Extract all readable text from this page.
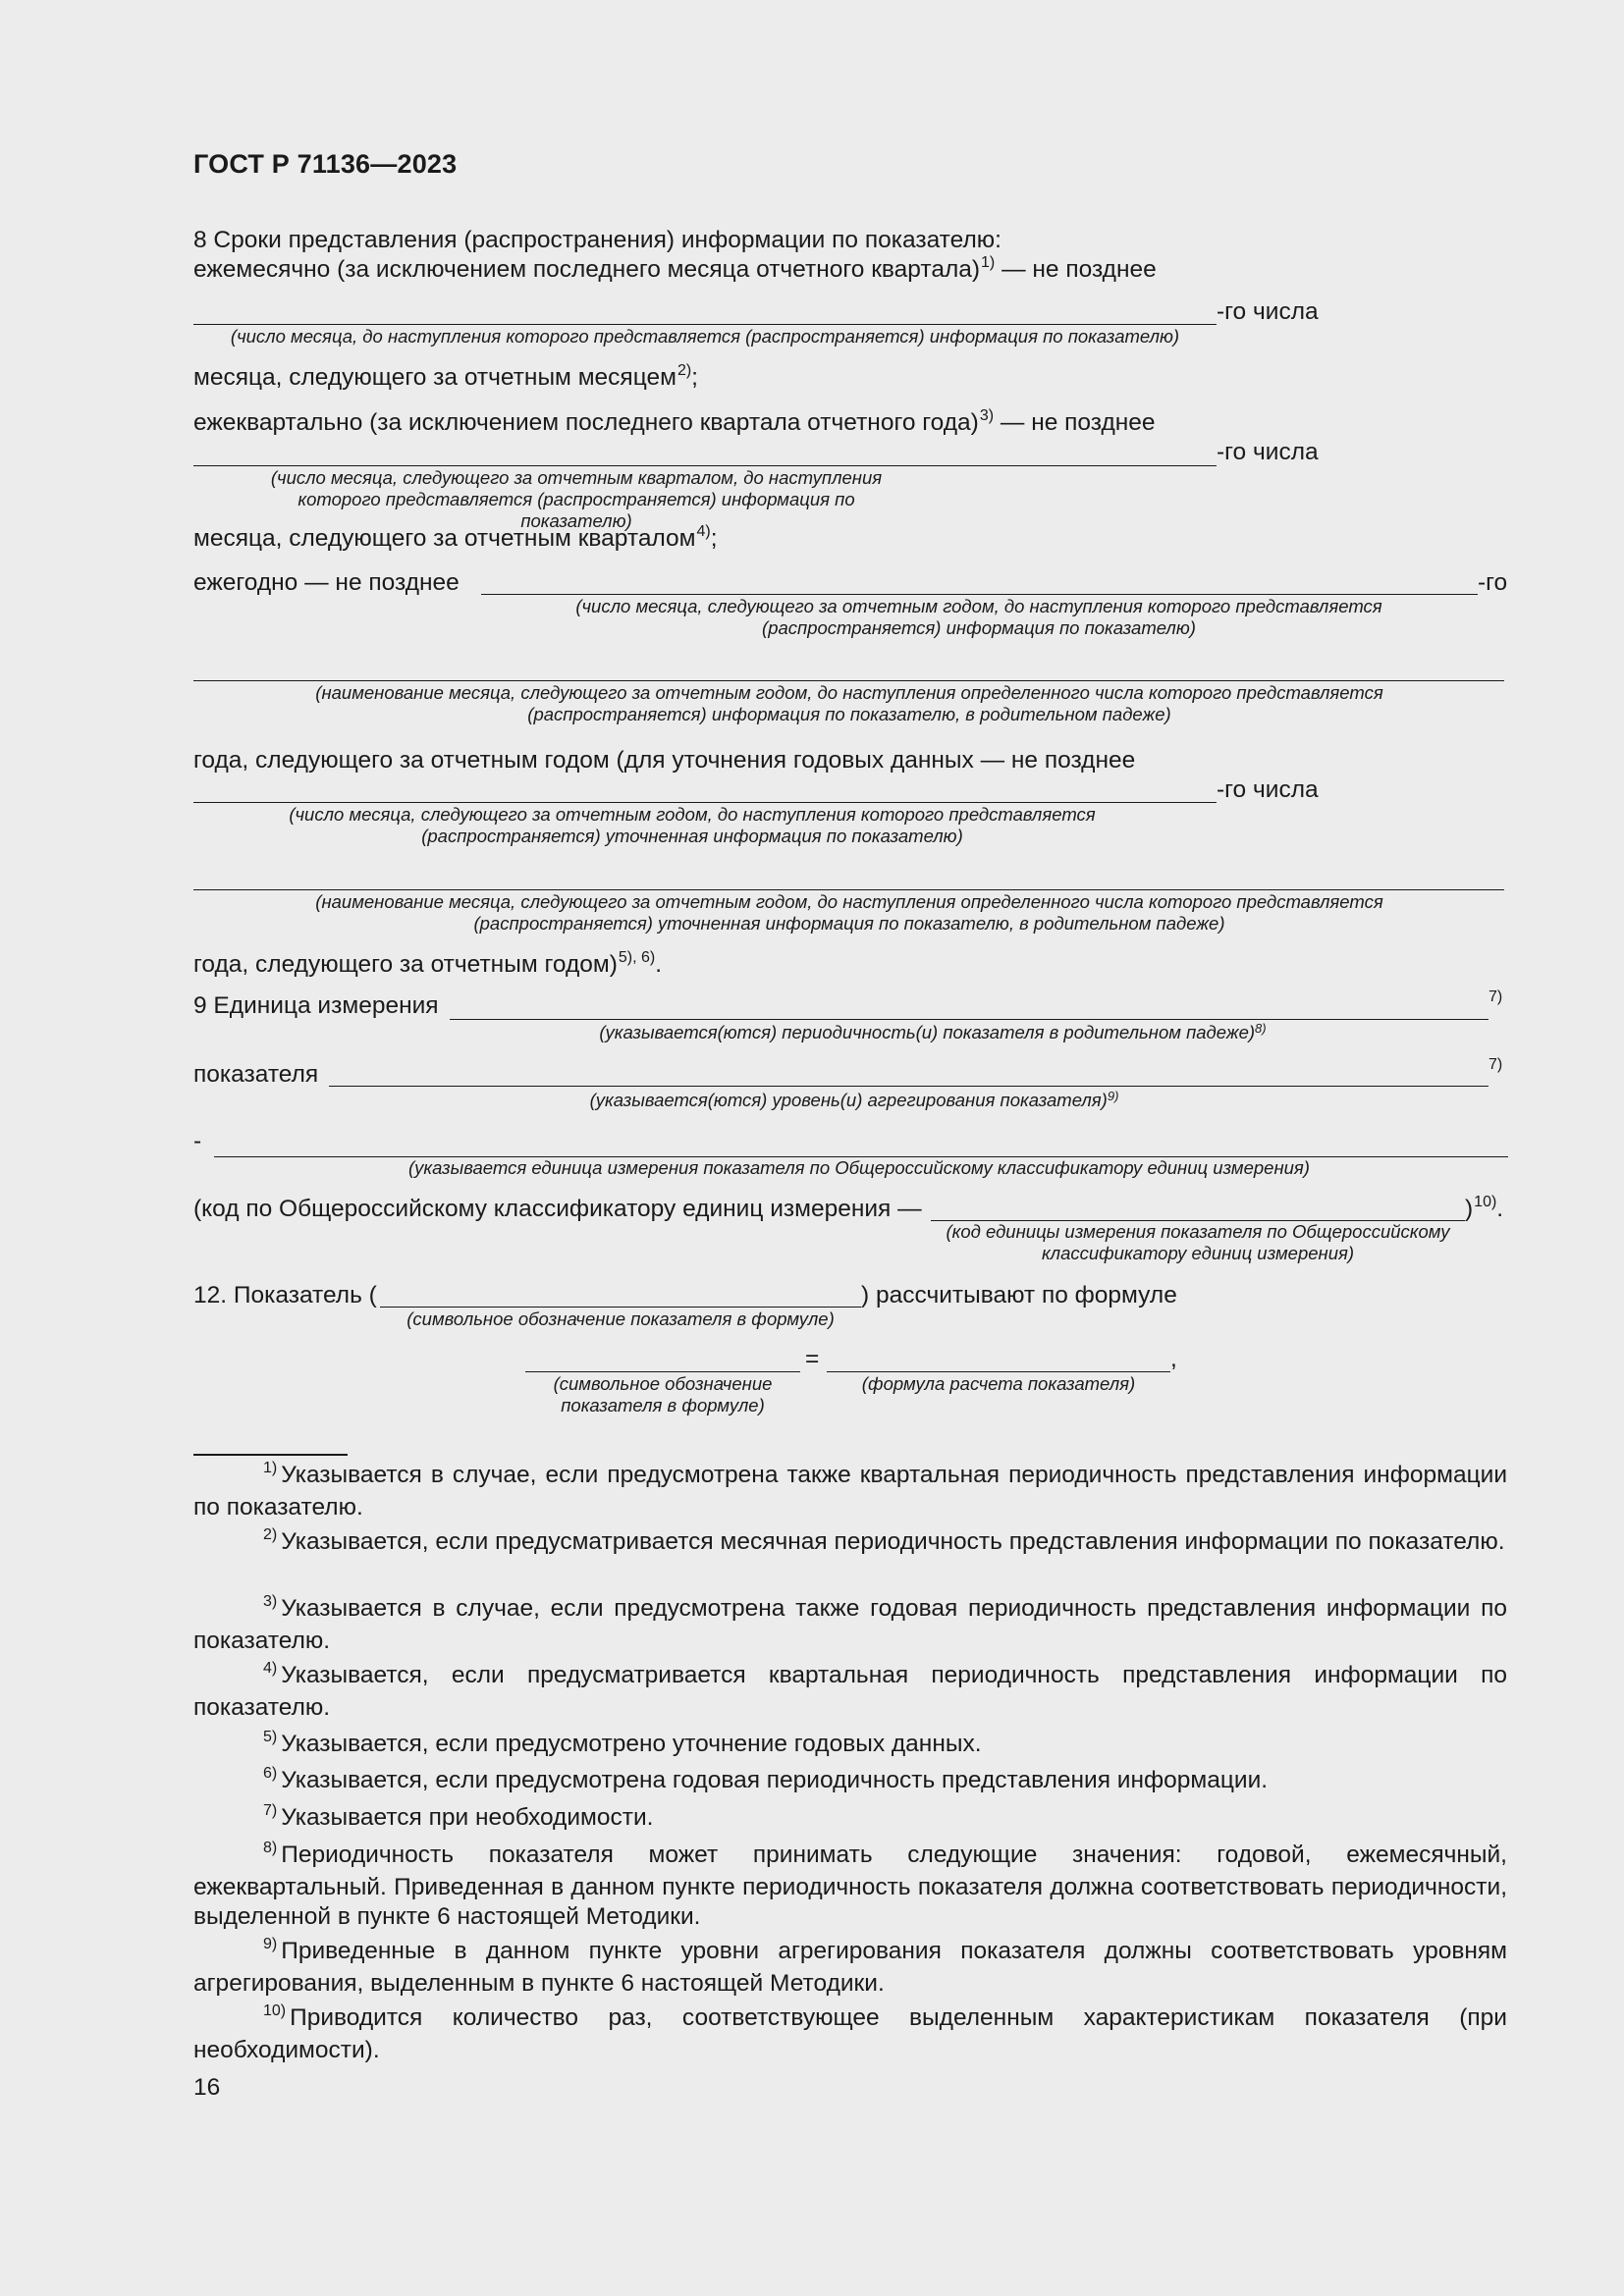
ГОСТ Р 71136—2023
8 Сроки представления (распространения) информации по показателю:
ежемесячно (за исключением последнего месяца отчетного квартала)$^{1)}$ — не позднее
-го числа
(число месяца, до наступления которого представляется (распространяется) информация по показателю)
месяца, следующего за отчетным месяцем$^{2)}$;
ежеквартально (за исключением последнего квартала отчетного года)$^{3)}$ — не позднее
-го числа
(число месяца, следующего за отчетным кварталом, до наступления которого представляется (распространяется) информация по показателю)
месяца, следующего за отчетным кварталом$^{4)}$;
ежегодно — не позднее	-го
(число месяца, следующего за отчетным годом, до наступления которого представляется (распространяется) информация по показателю)
(наименование месяца, следующего за отчетным годом, до наступления определенного числа которого представляется (распространяется) информация по показателю, в родительном падеже)
года, следующего за отчетным годом (для уточнения годовых данных — не позднее
-го числа
(число месяца, следующего за отчетным годом, до наступления которого представляется (распространяется) уточненная информация по показателю)
(наименование месяца, следующего за отчетным годом, до наступления определенного числа которого представляется (распространяется) уточненная информация по показателю, в родительном падеже)
года, следующего за отчетным годом)$^{5), 6)}$.
9 Единица измерения	7)
(указывается(ются) периодичность(и) показателя в родительном падеже)$^{8)}$
показателя	7)
(указывается(ются) уровень(и) агрегирования показателя)$^{9)}$
-
(указывается единица измерения показателя по Общероссийскому классификатору единиц измерения)
(код по Общероссийскому классификатору единиц измерения —	)$^{10)}$.
(код единицы измерения показателя по Общероссийскому классификатору единиц измерения)
12. Показатель (	) рассчитывают по формуле
(символьное обозначение показателя в формуле)
=	,
(символьное обозначение показателя в формуле)
(формула расчета показателя)
$^{1)}$ Указывается в случае, если предусмотрена также квартальная периодичность представления информации по показателю.
$^{2)}$ Указывается, если предусматривается месячная периодичность представления информации по показателю.
$^{3)}$ Указывается в случае, если предусмотрена также годовая периодичность представления информации по показателю.
$^{4)}$ Указывается, если предусматривается квартальная периодичность представления информации по показателю.
$^{5)}$ Указывается, если предусмотрено уточнение годовых данных.
$^{6)}$ Указывается, если предусмотрена годовая периодичность представления информации.
$^{7)}$ Указывается при необходимости.
$^{8)}$ Периодичность показателя может принимать следующие значения: годовой, ежемесячный, ежеквартальный. Приведенная в данном пункте периодичность показателя должна соответствовать периодичности, выделенной в пункте 6 настоящей Методики.
$^{9)}$ Приведенные в данном пункте уровни агрегирования показателя должны соответствовать уровням агрегирования, выделенным в пункте 6 настоящей Методики.
$^{10)}$ Приводится количество раз, соответствующее выделенным характеристикам показателя (при необходимости).
16
